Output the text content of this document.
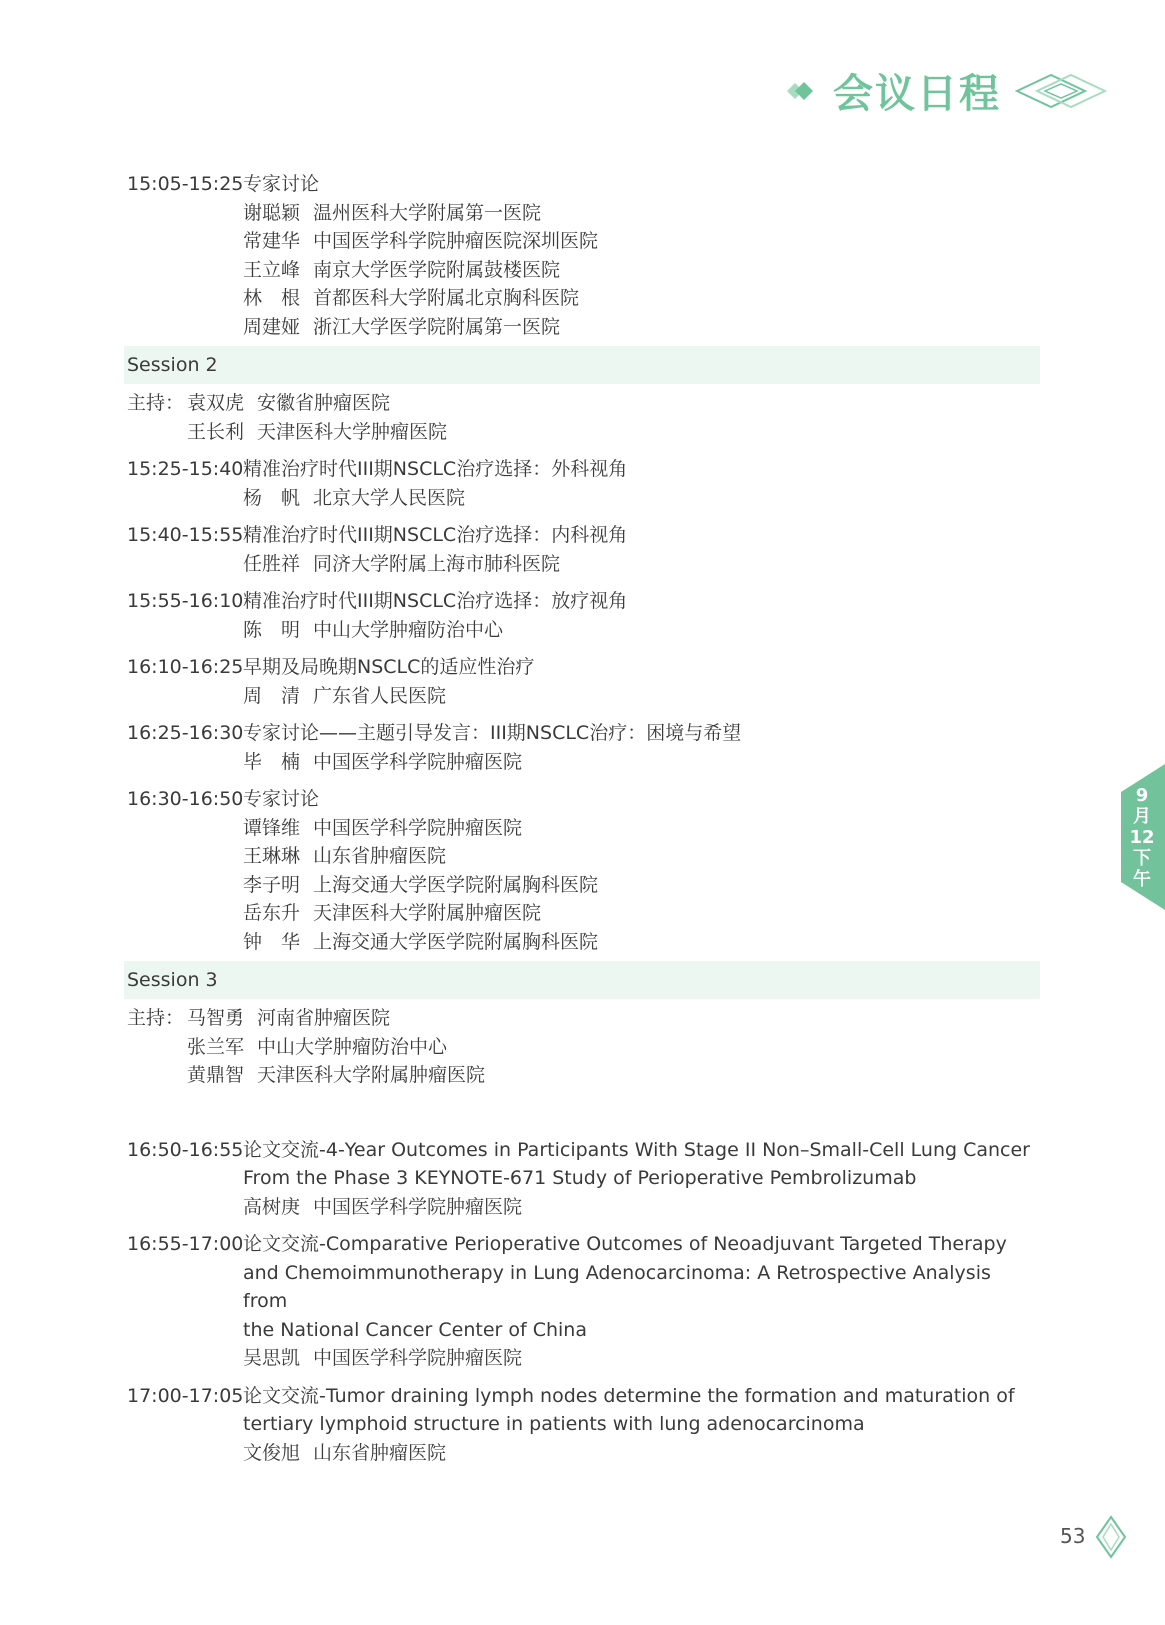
会议日程
15:05-15:25 专家讨论
谢聪颖 温州医科大学附属第一医院
常建华 中国医学科学院肿瘤医院深圳医院
王立峰 南京大学医学院附属鼓楼医院
林　根 首都医科大学附属北京胸科医院
周建娅 浙江大学医学院附属第一医院
Session 2
主持： 袁双虎 安徽省肿瘤医院
王长利 天津医科大学肿瘤医院
15:25-15:40 精准治疗时代III期NSCLC治疗选择：外科视角
杨　帆 北京大学人民医院
15:40-15:55 精准治疗时代III期NSCLC治疗选择：内科视角
任胜祥 同济大学附属上海市肺科医院
15:55-16:10 精准治疗时代III期NSCLC治疗选择：放疗视角
陈　明 中山大学肿瘤防治中心
16:10-16:25 早期及局晚期NSCLC的适应性治疗
周　清 广东省人民医院
16:25-16:30 专家讨论——主题引导发言：III期NSCLC治疗：困境与希望
毕　楠 中国医学科学院肿瘤医院
16:30-16:50 专家讨论
谭锋维 中国医学科学院肿瘤医院
王琳琳 山东省肿瘤医院
李子明 上海交通大学医学院附属胸科医院
岳东升 天津医科大学附属肿瘤医院
钟　华 上海交通大学医学院附属胸科医院
Session 3
主持： 马智勇 河南省肿瘤医院
张兰军 中山大学肿瘤防治中心
黄鼎智 天津医科大学附属肿瘤医院
16:50-16:55 论文交流-4-Year Outcomes in Participants With Stage II Non–Small-Cell Lung Cancer
From the Phase 3 KEYNOTE-671 Study of Perioperative Pembrolizumab
高树庚 中国医学科学院肿瘤医院
16:55-17:00 论文交流-Comparative Perioperative Outcomes of Neoadjuvant Targeted Therapy
and Chemoimmunotherapy in Lung Adenocarcinoma: A Retrospective Analysis from
the National Cancer Center of China
吴思凯 中国医学科学院肿瘤医院
17:00-17:05 论文交流-Tumor draining lymph nodes determine the formation and maturation of
tertiary lymphoid structure in patients with lung adenocarcinoma
文俊旭 山东省肿瘤医院
9
月
12
下
午
53
